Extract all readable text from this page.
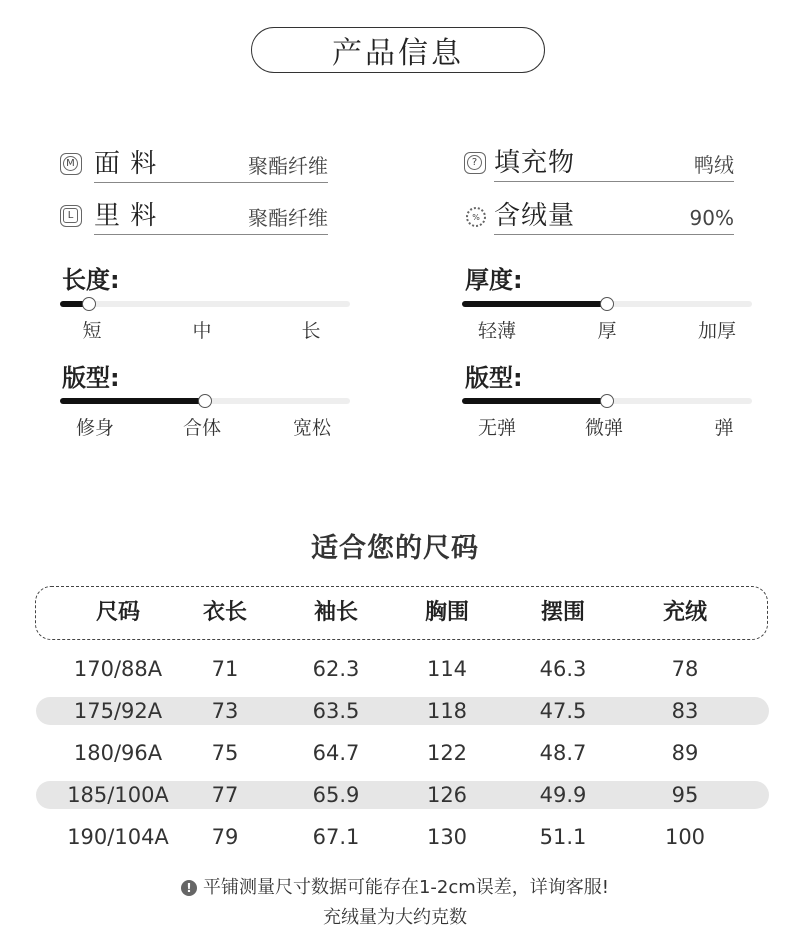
产品信息
M 面 料	聚酯纤维
L 里 料	聚酯纤维
? 填充物	鸭绒
% 含绒量	90%
长度:
短	中	长
厚度:
轻薄	厚	加厚
版型:
修身	合体	宽松
版型:
无弹	微弹	弹
适合您的尺码
尺码	衣长	袖长	胸围	摆围	充绒
170/88A 71	62.3	114	46.3	78
175/92A 73	63.5	118	47.5	83
180/96A 75	64.7	122	48.7	89
185/100A 77	65.9	126	49.9	95
190/104A 79	67.1	130	51.1	100
! 平铺测量尺寸数据可能存在1-2cm误差，详询客服!
充绒量为大约克数
